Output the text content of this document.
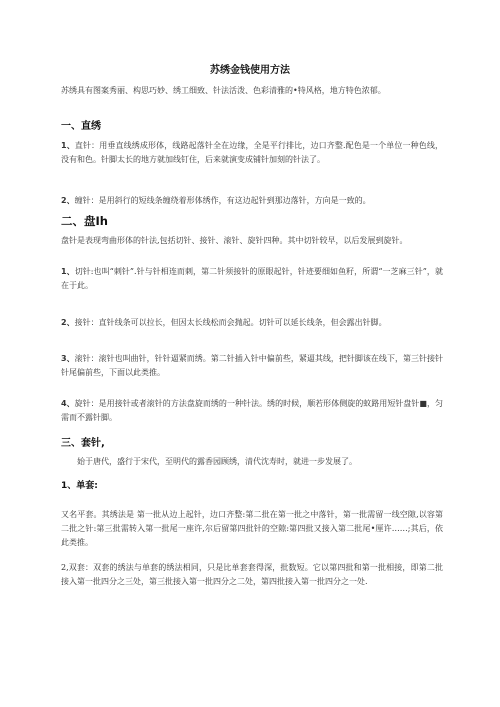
苏绣金钱使用方法

苏绣具有图案秀丽、构思巧妙、绣工细致、针法活泼、色彩清雅的•特风格，地方特色浓郁。

一、直绣

1、直针：用垂直线绣成形体，线路起落针全在边缘，全是平行排比，边口齐整.配色是一个单位一种色线，没有和色。针脚太长的地方就加线钉住，后来就演变成铺针加刻的针法了。

2、缠针：是用斜行的短线条缠绕着形体绣作，有这边起针到那边落针，方向是一致的。

二、盘Ih

盘针是表现弯曲形体的针法,包括切针、接针、滚针、旋针四种。其中切针较早，以后发展到旋针。

1、切针:也叫“刺针”.针与针相连而刺，第二针须接针的原眼起针，针迹要细如鱼籽，所谓“一芝麻三针”，就在于此。

2、接针：直针线条可以拉长，但因太长线松而会抛起。切针可以延长线条，但会露出针脚。

3、滚针：滚针也叫曲针，针针逼紧而绣。第二针插入针中偏前些，紧逼其线，把针脚该在线下，第三针接针针尾偏前些，下面以此类推。

4、旋针：是用接针或者滚针的方法盘旋而绣的一种针法。绣的时候，顺若形体侧旋的蚊路用短针盘针■，匀需而不露针脚。

三、套针,

始于唐代，盛行于宋代，至明代的露香园顾绣，清代沈寿时，就进一步发展了。

1、单套:

又名平套。其绣法是 第一批从边上起针，边口齐整:第二批在第一批之中落针，第一批需留一线空隙,以容第二批之针:第三批需转入第一批尾一座许,尔后留第四批针的空隙:第四批又接入第二批尾•厘许……;其后，依此类推。

2,双套：双套的绣法与单套的绣法相同，只是比单套套得深，批数短。它以第四批和第一批相接，即第二批接入第一批四分之三处，第三批接入第一批四分之二处，第四批接入第一批四分之一处.
